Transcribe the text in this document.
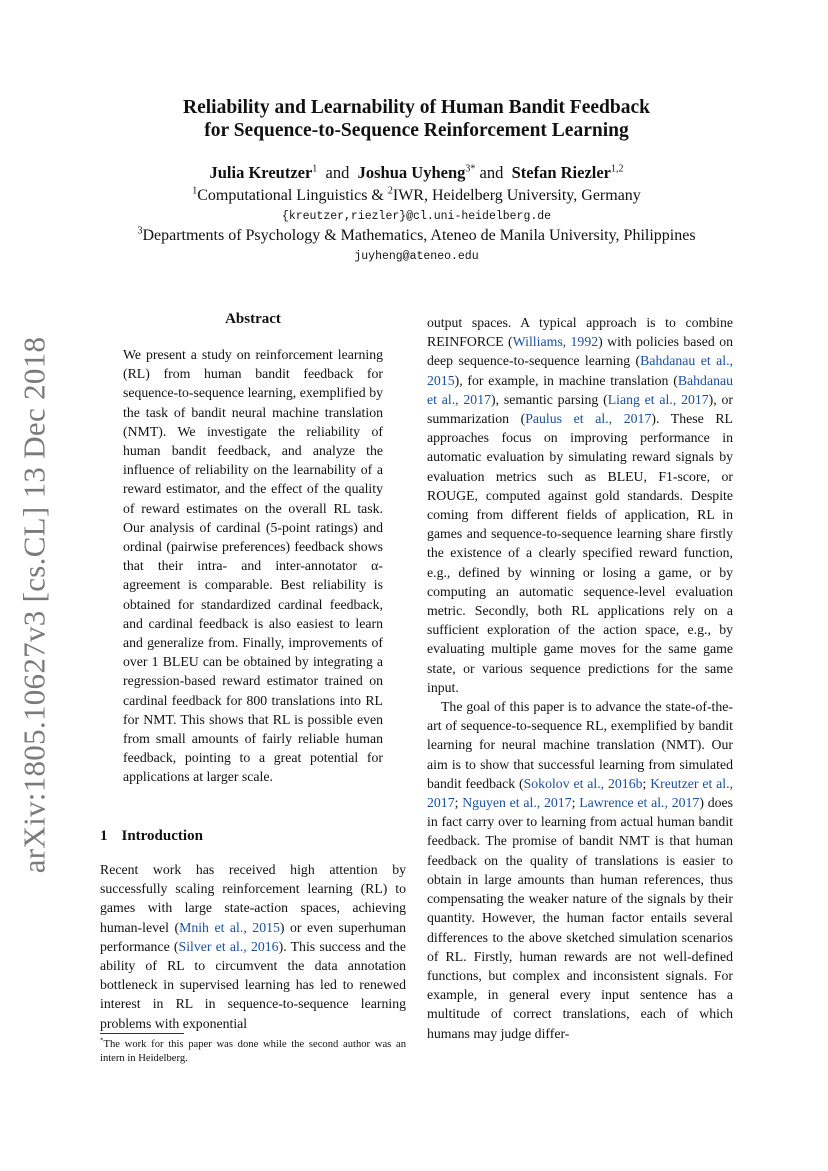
arXiv:1805.10627v3 [cs.CL] 13 Dec 2018
Reliability and Learnability of Human Bandit Feedback
for Sequence-to-Sequence Reinforcement Learning
Julia Kreutzer$^1$ and Joshua Uyheng$^{3*}$ and Stefan Riezler$^{1,2}$
$^1$Computational Linguistics & $^2$IWR, Heidelberg University, Germany
{kreutzer,riezler}@cl.uni-heidelberg.de
$^3$Departments of Psychology & Mathematics, Ateneo de Manila University, Philippines
juyheng@ateneo.edu
Abstract

We present a study on reinforcement learning (RL) from human bandit feedback for sequence-to-sequence learning, exemplified by the task of bandit neural machine translation (NMT). We investigate the reliability of human bandit feedback, and analyze the influence of reliability on the learnability of a reward estimator, and the effect of the quality of reward estimates on the overall RL task. Our analysis of cardinal (5-point ratings) and ordinal (pairwise preferences) feedback shows that their intra- and inter-annotator α-agreement is comparable. Best reliability is obtained for standardized cardinal feedback, and cardinal feedback is also easiest to learn and generalize from. Finally, improvements of over 1 BLEU can be obtained by integrating a regression-based reward estimator trained on cardinal feedback for 800 translations into RL for NMT. This shows that RL is possible even from small amounts of fairly reliable human feedback, pointing to a great potential for applications at larger scale.

1 Introduction

Recent work has received high attention by successfully scaling reinforcement learning (RL) to games with large state-action spaces, achieving human-level (Mnih et al., 2015) or even superhuman performance (Silver et al., 2016). This success and the ability of RL to circumvent the data annotation bottleneck in supervised learning has led to renewed interest in RL in sequence-to-sequence learning problems with exponential

*The work for this paper was done while the second author was an intern in Heidelberg.

output spaces. A typical approach is to combine REINFORCE (Williams, 1992) with policies based on deep sequence-to-sequence learning (Bahdanau et al., 2015), for example, in machine translation (Bahdanau et al., 2017), semantic parsing (Liang et al., 2017), or summarization (Paulus et al., 2017). These RL approaches focus on improving performance in automatic evaluation by simulating reward signals by evaluation metrics such as BLEU, F1-score, or ROUGE, computed against gold standards. Despite coming from different fields of application, RL in games and sequence-to-sequence learning share firstly the existence of a clearly specified reward function, e.g., defined by winning or losing a game, or by computing an automatic sequence-level evaluation metric. Secondly, both RL applications rely on a sufficient exploration of the action space, e.g., by evaluating multiple game moves for the same game state, or various sequence predictions for the same input.

The goal of this paper is to advance the state-of-the-art of sequence-to-sequence RL, exemplified by bandit learning for neural machine translation (NMT). Our aim is to show that successful learning from simulated bandit feedback (Sokolov et al., 2016b; Kreutzer et al., 2017; Nguyen et al., 2017; Lawrence et al., 2017) does in fact carry over to learning from actual human bandit feedback. The promise of bandit NMT is that human feedback on the quality of translations is easier to obtain in large amounts than human references, thus compensating the weaker nature of the signals by their quantity. However, the human factor entails several differences to the above sketched simulation scenarios of RL. Firstly, human rewards are not well-defined functions, but complex and inconsistent signals. For example, in general every input sentence has a multitude of correct translations, each of which humans may judge differ-
